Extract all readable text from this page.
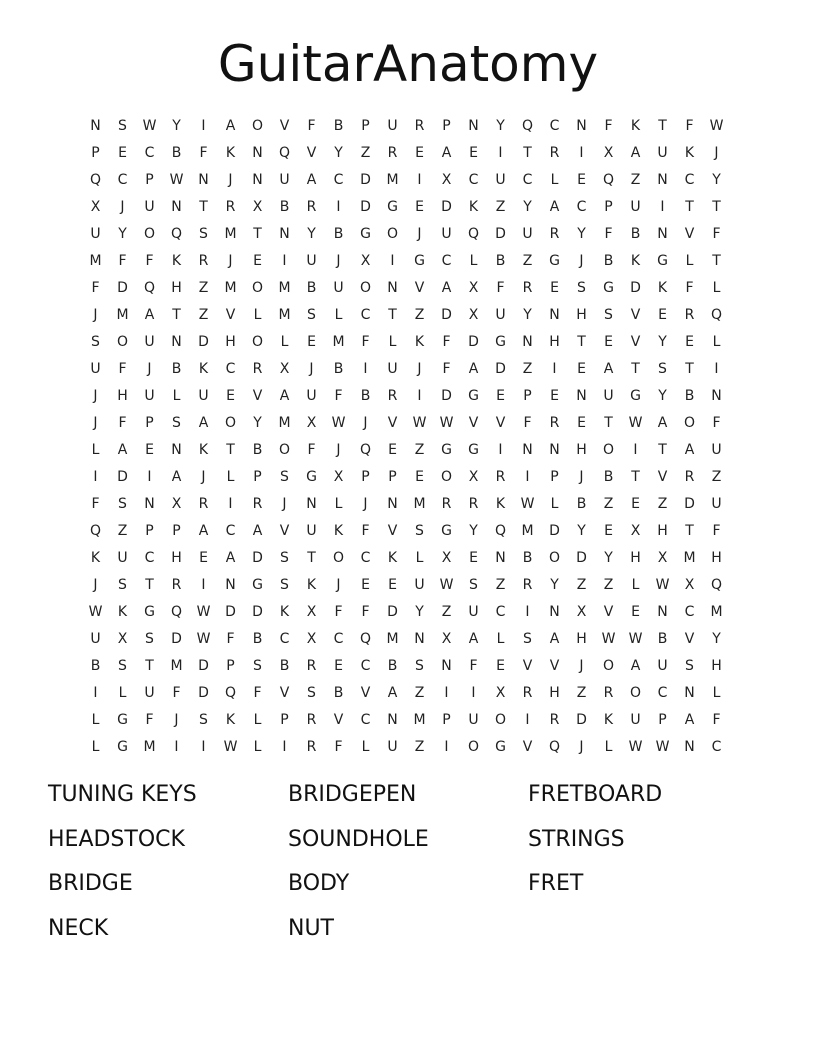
GuitarAnatomy
N	S	W	Y	I	A	O	V	F	B	P	U	R	P	N	Y	Q	C	N	F	K	T	F	W
P	E	C	B	F	K	N	Q	V	Y	Z	R	E	A	E	I	T	R	I	X	A	U	K	J
Q	C	P	W	N	J	N	U	A	C	D	M	I	X	C	U	C	L	E	Q	Z	N	C	Y
X	J	U	N	T	R	X	B	R	I	D	G	E	D	K	Z	Y	A	C	P	U	I	T	T
U	Y	O	Q	S	M	T	N	Y	B	G	O	J	U	Q	D	U	R	Y	F	B	N	V	F
M	F	F	K	R	J	E	I	U	J	X	I	G	C	L	B	Z	G	J	B	K	G	L	T
F	D	Q	H	Z	M	O	M	B	U	O	N	V	A	X	F	R	E	S	G	D	K	F	L
J	M	A	T	Z	V	L	M	S	L	C	T	Z	D	X	U	Y	N	H	S	V	E	R	Q
S	O	U	N	D	H	O	L	E	M	F	L	K	F	D	G	N	H	T	E	V	Y	E	L
U	F	J	B	K	C	R	X	J	B	I	U	J	F	A	D	Z	I	E	A	T	S	T	I
J	H	U	L	U	E	V	A	U	F	B	R	I	D	G	E	P	E	N	U	G	Y	B	N
J	F	P	S	A	O	Y	M	X	W	J	V	W W	V	V	F	R	E	T	W	A	O	F
L	A	E	N	K	T	B	O	F	J	Q	E	Z	G	G	I	N	N	H	O	I	T	A	U
I	D	I	A	J	L	P	S	G	X	P	P	E	O	X	R	I	P	J	B	T	V	R	Z
F	S	N	X	R	I	R	J	N	L	J	N	M	R	R	K	W	L	B	Z	E	Z	D	U
Q	Z	P	P	A	C	A	V	U	K	F	V	S	G	Y	Q	M	D	Y	E	X	H	T	F
K	U	C	H	E	A	D	S	T	O	C	K	L	X	E	N	B	O	D	Y	H	X	M	H
J	S	T	R	I	N	G	S	K	J	E	E	U	W	S	Z	R	Y	Z	Z	L	W	X	Q
W	K	G	Q	W	D	D	K	X	F	F	D	Y	Z	U	C	I	N	X	V	E	N	C	M
U	X	S	D	W	F	B	C	X	C	Q	M	N	X	A	L	S	A	H	W W	B	V	Y
B	S	T	M	D	P	S	B	R	E	C	B	S	N	F	E	V	V	J	O	A	U	S	H
I	L	U	F	D	Q	F	V	S	B	V	A	Z	I	I	X	R	H	Z	R	O	C	N	L
L	G	F	J	S	K	L	P	R	V	C	N	M	P	U	O	I	R	D	K	U	P	A	F
L	G	M	I	I	W	L	I	R	F	L	U	Z	I	O	G	V	Q	J	L	W W	N	C
TUNING KEYS	BRIDGEPEN	FRETBOARD
HEADSTOCK	SOUNDHOLE	STRINGS
BRIDGE	BODY	FRET
NECK	NUT
